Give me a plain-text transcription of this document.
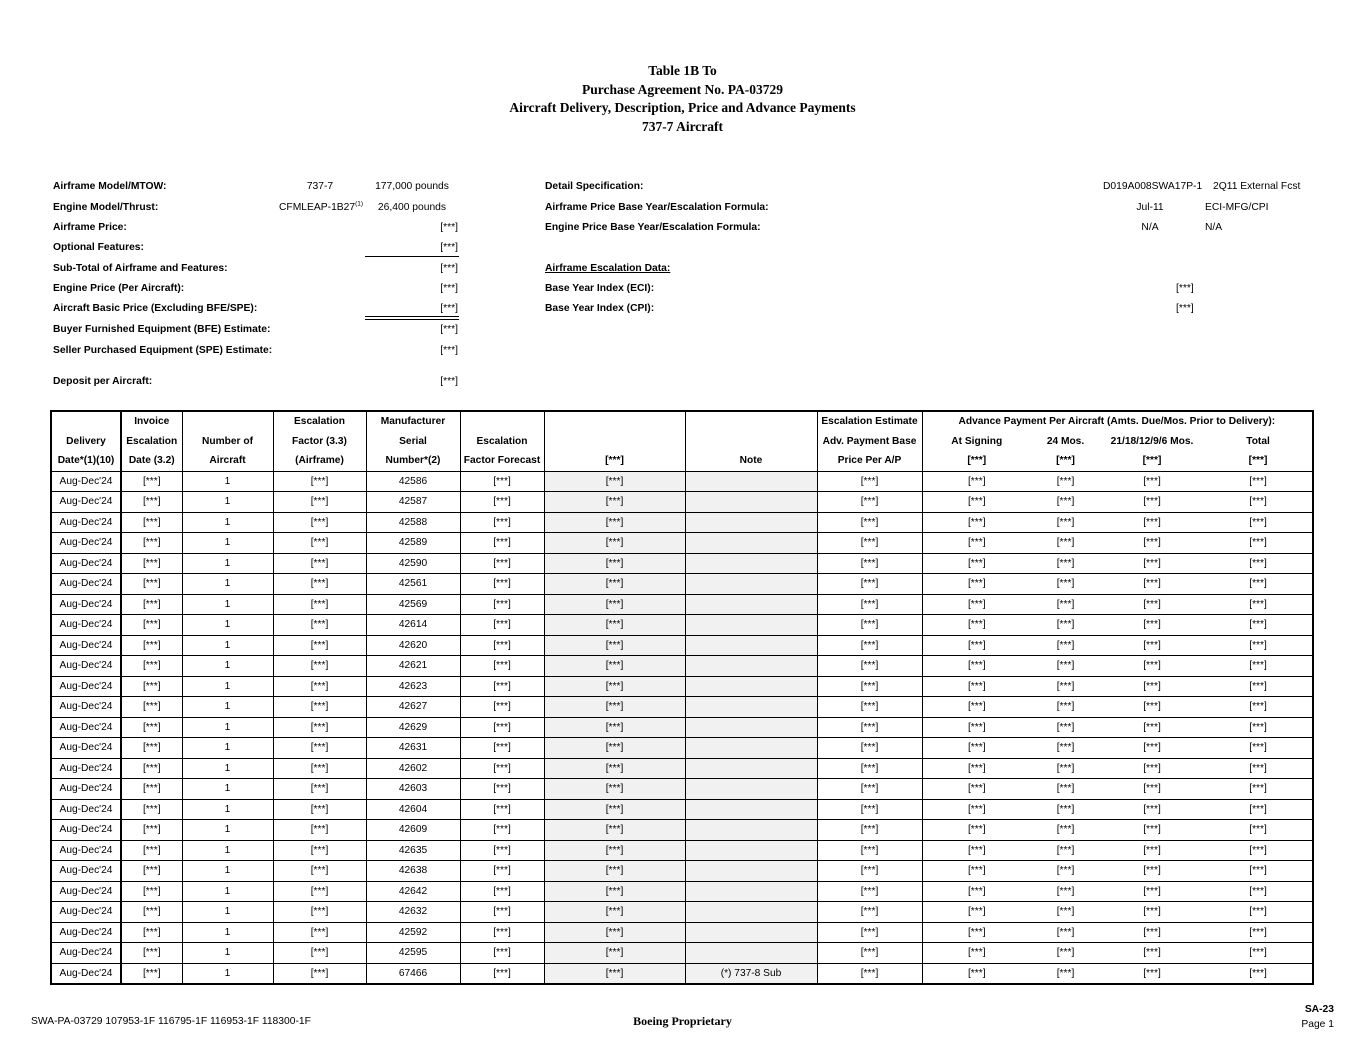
Table 1B To
Purchase Agreement No. PA-03729
Aircraft Delivery, Description, Price and Advance Payments
737-7 Aircraft
Airframe Model/MTOW:	737-7	177,000 pounds
Engine Model/Thrust:	CFMLEAP-1B27$^{(1)}$	26,400 pounds
Airframe Price:	[***]
Optional Features:	[***]
Sub-Total of Airframe and Features:	[***]
Engine Price (Per Aircraft):	[***]
Aircraft Basic Price (Excluding BFE/SPE):	[***]
Buyer Furnished Equipment (BFE) Estimate:	[***]
Seller Purchased Equipment (SPE) Estimate:	[***]
Deposit per Aircraft:	[***]
Detail Specification:	D019A008SWA17P-1 2Q11 External Fcst
Airframe Price Base Year/Escalation Formula:	Jul-11	ECI-MFG/CPI
Engine Price Base Year/Escalation Formula:	N/A	N/A
Airframe Escalation Data:
Base Year Index (ECI):	[***]
Base Year Index (CPI):	[***]
	Invoice		Escalation	Manufacturer				Escalation Estimate	Advance Payment Per Aircraft (Amts. Due/Mos. Prior to Delivery):			
Delivery	Escalation	Number of	Factor (3.3)	Serial	Escalation			Adv. Payment Base	At Signing	24 Mos.	21/18/12/9/6 Mos.	Total
Date*(1)(10)	Date (3.2)	Aircraft	(Airframe)	Number*(2)	Factor Forecast	[***]	Note	Price Per A/P	[***]	[***]	[***]	[***]
Aug-Dec'24	[***]	1	[***]	42586	[***]	[***]		[***]	[***]	[***]	[***]	[***]
Aug-Dec'24	[***]	1	[***]	42587	[***]	[***]		[***]	[***]	[***]	[***]	[***]
Aug-Dec'24	[***]	1	[***]	42588	[***]	[***]		[***]	[***]	[***]	[***]	[***]
Aug-Dec'24	[***]	1	[***]	42589	[***]	[***]		[***]	[***]	[***]	[***]	[***]
Aug-Dec'24	[***]	1	[***]	42590	[***]	[***]		[***]	[***]	[***]	[***]	[***]
Aug-Dec'24	[***]	1	[***]	42561	[***]	[***]		[***]	[***]	[***]	[***]	[***]
Aug-Dec'24	[***]	1	[***]	42569	[***]	[***]		[***]	[***]	[***]	[***]	[***]
Aug-Dec'24	[***]	1	[***]	42614	[***]	[***]		[***]	[***]	[***]	[***]	[***]
Aug-Dec'24	[***]	1	[***]	42620	[***]	[***]		[***]	[***]	[***]	[***]	[***]
Aug-Dec'24	[***]	1	[***]	42621	[***]	[***]		[***]	[***]	[***]	[***]	[***]
Aug-Dec'24	[***]	1	[***]	42623	[***]	[***]		[***]	[***]	[***]	[***]	[***]
Aug-Dec'24	[***]	1	[***]	42627	[***]	[***]		[***]	[***]	[***]	[***]	[***]
Aug-Dec'24	[***]	1	[***]	42629	[***]	[***]		[***]	[***]	[***]	[***]	[***]
Aug-Dec'24	[***]	1	[***]	42631	[***]	[***]		[***]	[***]	[***]	[***]	[***]
Aug-Dec'24	[***]	1	[***]	42602	[***]	[***]		[***]	[***]	[***]	[***]	[***]
Aug-Dec'24	[***]	1	[***]	42603	[***]	[***]		[***]	[***]	[***]	[***]	[***]
Aug-Dec'24	[***]	1	[***]	42604	[***]	[***]		[***]	[***]	[***]	[***]	[***]
Aug-Dec'24	[***]	1	[***]	42609	[***]	[***]		[***]	[***]	[***]	[***]	[***]
Aug-Dec'24	[***]	1	[***]	42635	[***]	[***]		[***]	[***]	[***]	[***]	[***]
Aug-Dec'24	[***]	1	[***]	42638	[***]	[***]		[***]	[***]	[***]	[***]	[***]
Aug-Dec'24	[***]	1	[***]	42642	[***]	[***]		[***]	[***]	[***]	[***]	[***]
Aug-Dec'24	[***]	1	[***]	42632	[***]	[***]		[***]	[***]	[***]	[***]	[***]
Aug-Dec'24	[***]	1	[***]	42592	[***]	[***]		[***]	[***]	[***]	[***]	[***]
Aug-Dec'24	[***]	1	[***]	42595	[***]	[***]		[***]	[***]	[***]	[***]	[***]
Aug-Dec'24	[***]	1	[***]	67466	[***]	[***]	(*) 737-8 Sub	[***]	[***]	[***]	[***]	[***]
SWA-PA-03729 107953-1F 116795-1F 116953-1F 118300-1F	Boeing Proprietary
SA-23
Page 1
